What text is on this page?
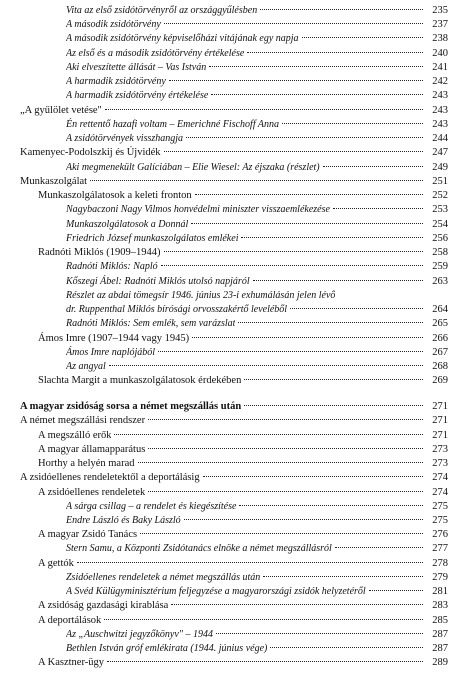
Vita az első zsidótörvényről az országgyűlésben	235
A második zsidótörvény	237
A második zsidótörvény képviselőházi vitájának egy napja	238
Az első és a második zsidótörvény értékelése	240
Aki elveszítette állását – Vas István	241
A harmadik zsidótörvény	242
A harmadik zsidótörvény értékelése	243
„A gyűlölet vetése"	243
Én rettentő hazafi voltam – Emerichné Fischoff Anna	243
A zsidótörvények visszhangja	244
Kamenyec-Podolszkij és Újvidék	247
Aki megmenekült Galíciában – Elie Wiesel: Az éjszaka (részlet)	249
Munkaszolgálat	251
Munkaszolgálatosok a keleti fronton	252
Nagybaczoni Nagy Vilmos honvédelmi miniszter visszaemlékezése	253
Munkaszolgálatosok a Donnál	254
Friedrich József munkaszolgálatos emlékei	256
Radnóti Miklós (1909–1944)	258
Radnóti Miklós: Napló	259
Kőszegi Ábel: Radnóti Miklós utolsó napjáról	263
Részlet az abdai tömegsír 1946. június 23-i exhumálásán jelen lévő
dr. Ruppenthal Miklós bírósági orvosszakértő leveléből	264
Radnóti Miklós: Sem emlék, sem varázslat	265
Ámos Imre (1907–1944 vagy 1945)	266
Ámos Imre naplójából	267
Az angyal	268
Slachta Margit a munkaszolgálatosok érdekében	269
A magyar zsidóság sorsa a német megszállás után	271
A német megszállási rendszer	271
A megszálló erők	271
A magyar államapparátus	273
Horthy a helyén marad	273
A zsidóellenes rendeletektől a deportálásig	274
A zsidóellenes rendeletek	274
A sárga csillag – a rendelet és kiegészítése	275
Endre László és Baky László	275
A magyar Zsidó Tanács	276
Stern Samu, a Központi Zsidótanács elnöke a német megszállásról	277
A gettók	278
Zsidóellenes rendeletek a német megszállás után	279
A Svéd Külügyminisztérium feljegyzése a magyarországi zsidók helyzetéről	281
A zsidóság gazdasági kirablása	283
A deportálások	285
Az „Auschwitzi jegyzőkönyv" – 1944	287
Bethlen István gróf emlékirata (1944. június vége)	287
A Kasztner-ügy	289
